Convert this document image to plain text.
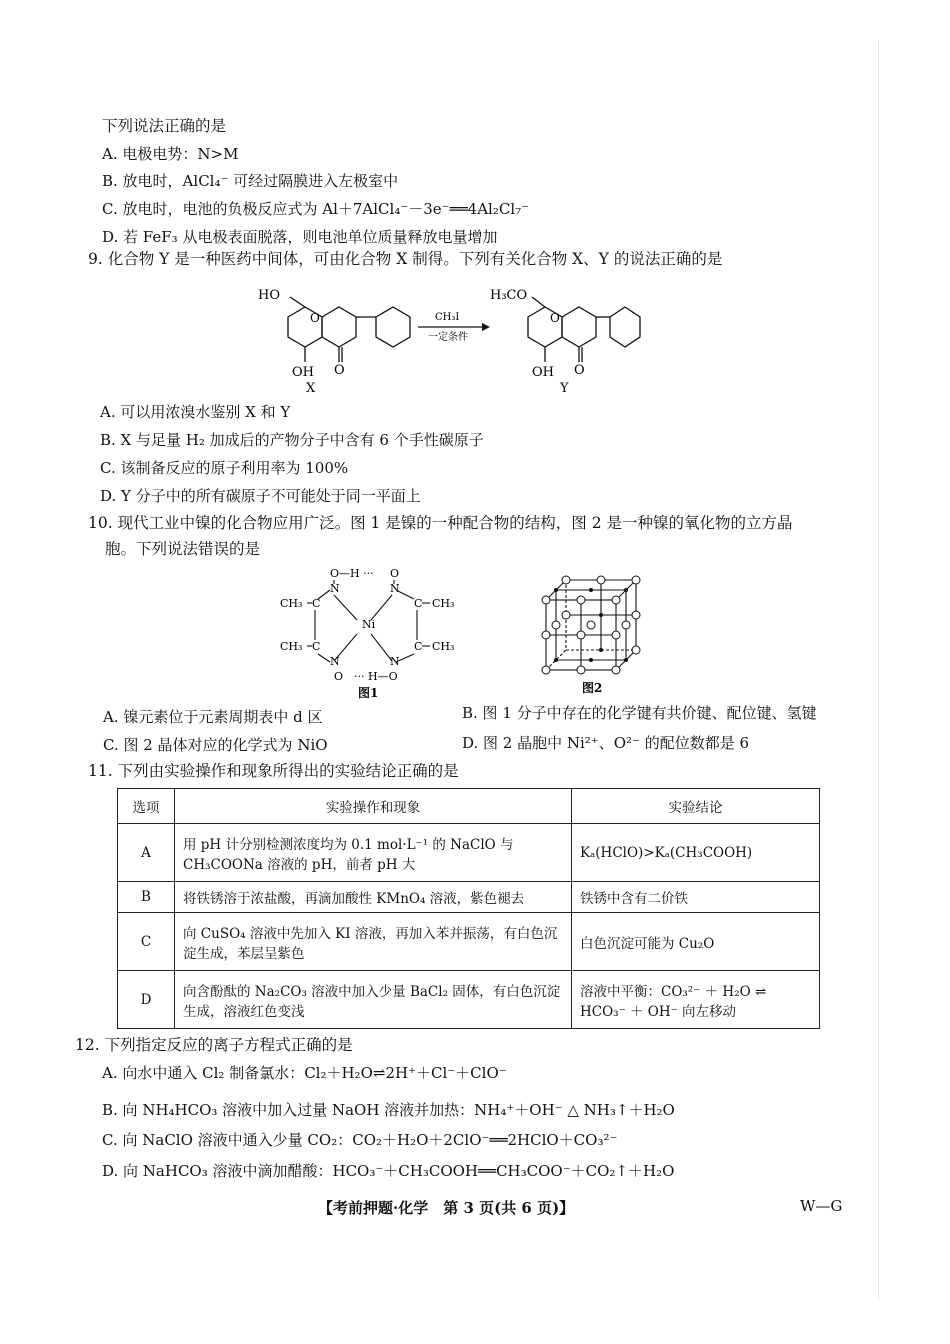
下列说法正确的是
A. 电极电势：N>M
B. 放电时，AlCl₄⁻ 可经过隔膜进入左极室中
C. 放电时，电池的负极反应式为 Al＋7AlCl₄⁻－3e⁻══4Al₂Cl₇⁻
D. 若 FeF₃ 从电极表面脱落，则电池单位质量释放电量增加
9. 化合物 Y 是一种医药中间体，可由化合物 X 制得。下列有关化合物 X、Y 的说法正确的是
HO
O
OH O
X
CH₃I
一定条件
H₃CO
O
OH O
Y
A. 可以用浓溴水鉴别 X 和 Y
B. X 与足量 H₂ 加成后的产物分子中含有 6 个手性碳原子
C. 该制备反应的原子利用率为 100%
D. Y 分子中的所有碳原子不可能处于同一平面上
10. 现代工业中镍的化合物应用广泛。图 1 是镍的一种配合物的结构，图 2 是一种镍的氧化物的立方晶
胞。下列说法错误的是
O—H ··· O
N	N
CH₃ C	C CH₃
Ni
CH₃ C	C CH₃
N	N
O ··· H—O
图1	图2
A. 镍元素位于元素周期表中 d 区	B. 图 1 分子中存在的化学键有共价键、配位键、氢键
C. 图 2 晶体对应的化学式为 NiO	D. 图 2 晶胞中 Ni²⁺、O²⁻ 的配位数都是 6
11. 下列由实验操作和现象所得出的实验结论正确的是
选项	实验操作和现象	实验结论
A	用 pH 计分别检测浓度均为 0.1 mol·L⁻¹ 的 NaClO 与 CH₃COONa 溶液的 pH，前者 pH 大	Kₐ(HClO)>Kₐ(CH₃COOH)
B	将铁锈溶于浓盐酸，再滴加酸性 KMnO₄ 溶液，紫色褪去	铁锈中含有二价铁
C	向 CuSO₄ 溶液中先加入 KI 溶液，再加入苯并振荡，有白色沉淀生成，苯层呈紫色	白色沉淀可能为 Cu₂O
D	向含酚酞的 Na₂CO₃ 溶液中加入少量 BaCl₂ 固体，有白色沉淀生成，溶液红色变浅	溶液中平衡：CO₃²⁻ ＋ H₂O ⇌ HCO₃⁻ ＋ OH⁻ 向左移动
12. 下列指定反应的离子方程式正确的是
A. 向水中通入 Cl₂ 制备氯水：Cl₂＋H₂O⇌2H⁺＋Cl⁻＋ClO⁻
B. 向 NH₄HCO₃ 溶液中加入过量 NaOH 溶液并加热：NH₄⁺＋OH⁻ △ NH₃↑＋H₂O
C. 向 NaClO 溶液中通入少量 CO₂：CO₂＋H₂O＋2ClO⁻══2HClO＋CO₃²⁻
D. 向 NaHCO₃ 溶液中滴加醋酸：HCO₃⁻＋CH₃COOH══CH₃COO⁻＋CO₂↑＋H₂O
【考前押题·化学　第 3 页(共 6 页)】	W—G
